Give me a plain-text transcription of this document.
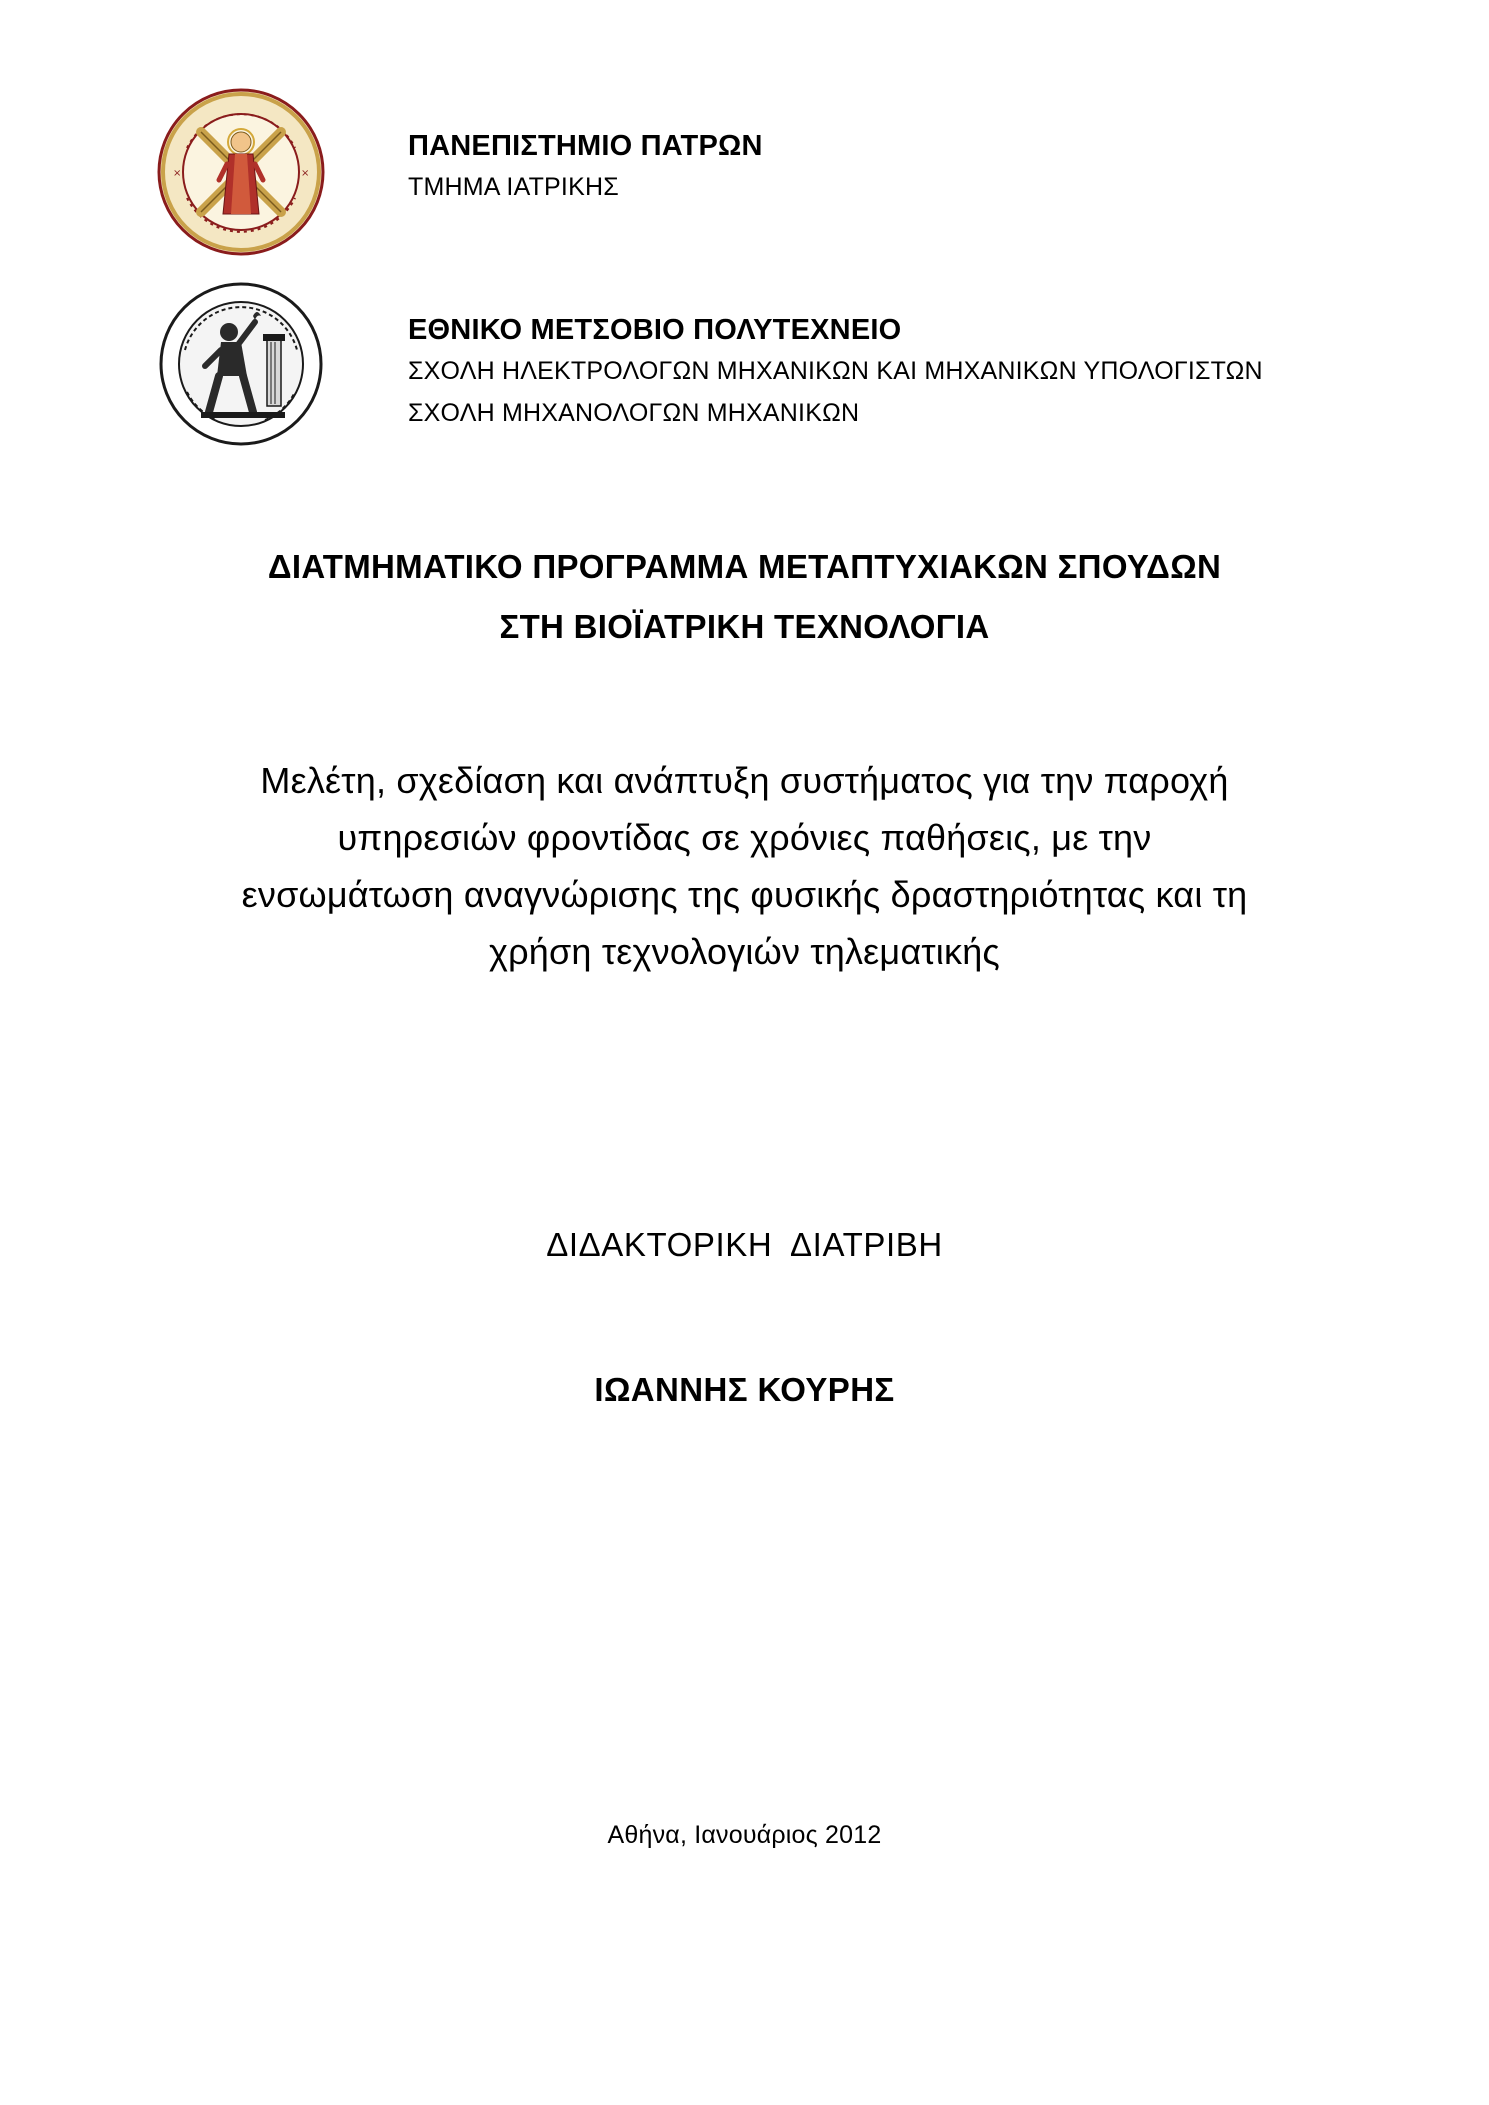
×	×
ΠΑΝΕΠΙΣΤΗΜΙΟ ΠΑΤΡΩΝ
ΤΜΗΜΑ ΙΑΤΡΙΚΗΣ
ΕΘΝΙΚΟ ΜΕΤΣΟΒΙΟ ΠΟΛΥΤΕΧΝΕΙΟ
ΣΧΟΛΗ ΗΛΕΚΤΡΟΛΟΓΩΝ ΜΗΧΑΝΙΚΩΝ ΚΑΙ ΜΗΧΑΝΙΚΩΝ ΥΠΟΛΟΓΙΣΤΩΝ
ΣΧΟΛΗ ΜΗΧΑΝΟΛΟΓΩΝ ΜΗΧΑΝΙΚΩΝ
ΔΙΑΤΜΗΜΑΤΙΚΟ ΠΡΟΓΡΑΜΜΑ ΜΕΤΑΠΤΥΧΙΑΚΩΝ ΣΠΟΥΔΩΝ
ΣΤΗ ΒΙΟΪΑΤΡΙΚΗ ΤΕΧΝΟΛΟΓΙΑ
Μελέτη, σχεδίαση και ανάπτυξη συστήματος για την παροχή
υπηρεσιών φροντίδας σε χρόνιες παθήσεις, με την
ενσωμάτωση αναγνώρισης της φυσικής δραστηριότητας και τη
χρήση τεχνολογιών τηλεματικής
ΔΙΔΑΚΤΟΡΙΚΗ  ΔΙΑΤΡΙΒΗ
ΙΩΑΝΝΗΣ ΚΟΥΡΗΣ
Αθήνα, Ιανουάριος 2012
